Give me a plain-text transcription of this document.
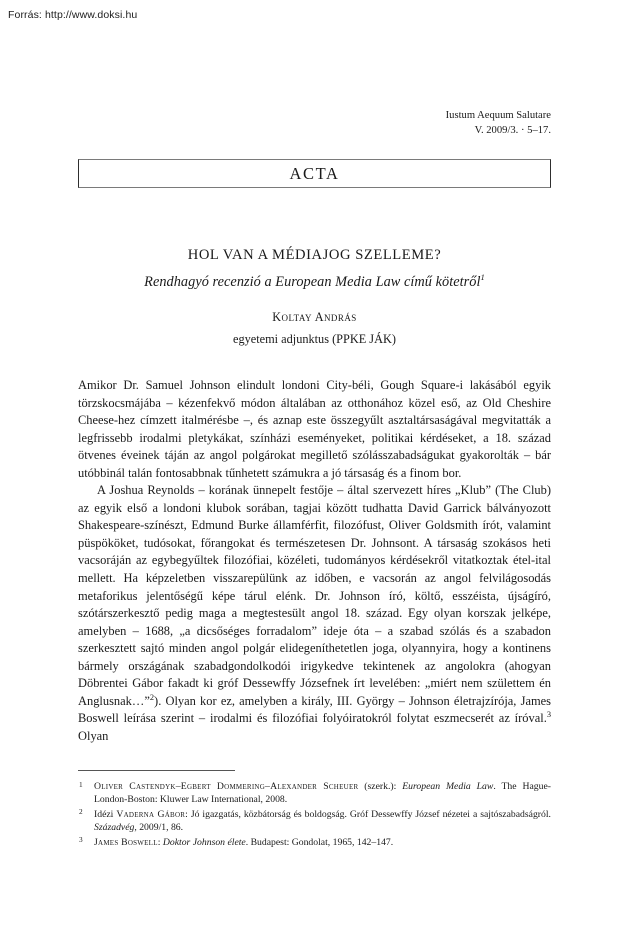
Forrás: http://www.doksi.hu
Iustum Aequum Salutare
V. 2009/3. · 5–17.
ACTA
HOL VAN A MÉDIAJOG SZELLEME?
Rendhagyó recenzió a European Media Law című kötetről$^1$
Koltay András
egyetemi adjunktus (PPKE JÁK)

Amikor Dr. Samuel Johnson elindult londoni City-béli, Gough Square-i lakásából egyik törzskocsmájába – kézenfekvő módon általában az otthonához közel eső, az Old Cheshire Cheese-hez címzett italmérésbe –, és aznap este összegyűlt asztaltársaságával megvitatták a legfrissebb irodalmi pletykákat, színházi eseményeket, politikai kérdéseket, a 18. század ötvenes éveinek táján az angol polgárokat megillető szólásszabadságukat gyakorolták – bár utóbbinál talán fontosabbnak tűnhetett számukra a jó társaság és a finom bor.

A Joshua Reynolds – korának ünnepelt festője – által szervezett híres „Klub” (The Club) az egyik első a londoni klubok sorában, tagjai között tudhatta David Garrick bálványozott Shakespeare-színészt, Edmund Burke államférfit, filozófust, Oliver Goldsmith írót, valamint püspököket, tudósokat, főrangokat és természetesen Dr. Johnsont. A társaság szokásos heti vacsoráján az egybegyűltek filozófiai, közéleti, tudományos kérdésekről vitatkoztak étel-ital mellett. Ha képzeletben visszarepülünk az időben, e vacsorán az angol felvilágosodás metaforikus jelentőségű képe tárul elénk. Dr. Johnson író, költő, esszéista, újságíró, szótárszerkesztő pedig maga a megtestesült angol 18. század. Egy olyan korszak jelképe, amelyben – 1688, „a dicsőséges forradalom” ideje óta – a szabad szólás és a szabadon szerkesztett sajtó minden angol polgár elidegeníthetetlen joga, olyannyira, hogy a kontinens bármely országának szabadgondolkodói irigykedve tekintenek az angolokra (ahogyan Döbrentei Gábor fakadt ki gróf Dessewffy Józsefnek írt levelében: „miért nem születtem én Anglusnak…”$^2$). Olyan kor ez, amelyben a király, III. György – Johnson életrajzírója, James Boswell leírása szerint – irodalmi és filozófiai folyóiratokról folytat eszmecserét az íróval.$^3$ Olyan

1 Oliver Castendyk–Egbert Dommering–Alexander Scheuer (szerk.): European Media Law. The Hague-London-Boston: Kluwer Law International, 2008.
2 Idézi Vaderna Gábor: Jó igazgatás, közbátorság és boldogság. Gróf Dessewffy József nézetei a sajtószabadságról. Századvég, 2009/1, 86.
3 James Boswell: Doktor Johnson élete. Budapest: Gondolat, 1965, 142–147.
